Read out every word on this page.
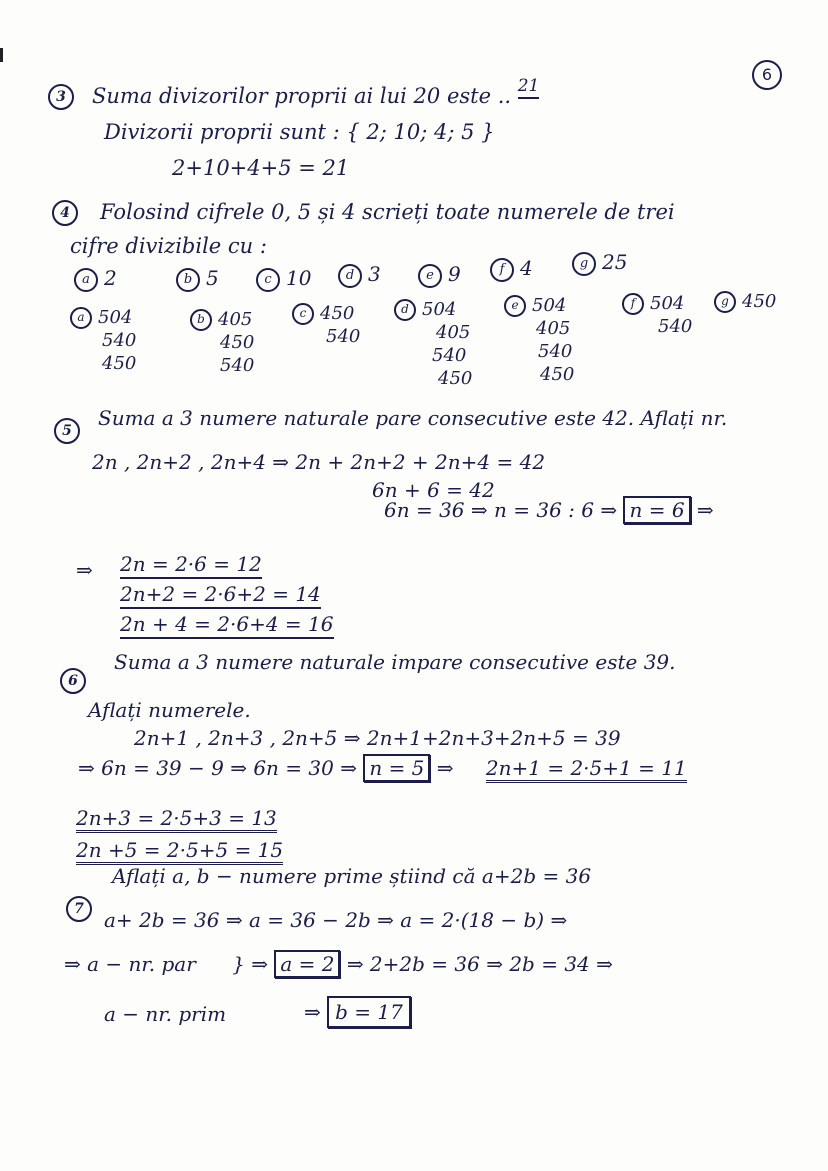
6
3	Suma divizorilor proprii ai lui 20 este .. $^{21}$
Divizorii proprii sunt : { 2; 10; 4; 5 }
2+10+4+5 = 21
4	Folosind cifrele 0, 5 și 4 scrieți toate numerele de trei
cifre divizibile cu :
a 2	b 5	c 10	d 3	e 9	f 4	g 25
a 504
540
450
b 405
450
540
c 450
540
d 504
405
540
450
e 504
405
540
450
f 504
540
g 450
5
Suma a 3 numere naturale pare consecutive este 42. Aflați nr.
2n , 2n+2 , 2n+4 ⇒ 2n + 2n+2 + 2n+4 = 42
6n + 6 = 42
6n = 36 ⇒ n = 36 : 6 ⇒ n = 6 ⇒
⇒ 2n = 2·6 = 12
2n+2 = 2·6+2 = 14
2n + 4 = 2·6+4 = 16
6
Suma a 3 numere naturale impare consecutive este 39.
Aflați numerele.
2n+1 , 2n+3 , 2n+5 ⇒ 2n+1+2n+3+2n+5 = 39
⇒ 6n = 39 − 9 ⇒ 6n = 30 ⇒ n = 5 ⇒ 2n+1 = 2·5+1 = 11
2n+3 = 2·5+3 = 13
2n +5 = 2·5+5 = 15
7
Aflați a, b − numere prime știind că a+2b = 36
a+ 2b = 36 ⇒ a = 36 − 2b ⇒ a = 2·(18 − b) ⇒
⇒ a − nr. par } ⇒ a = 2 ⇒ 2+2b = 36 ⇒ 2b = 34 ⇒
a − nr. prim	⇒ b = 17
